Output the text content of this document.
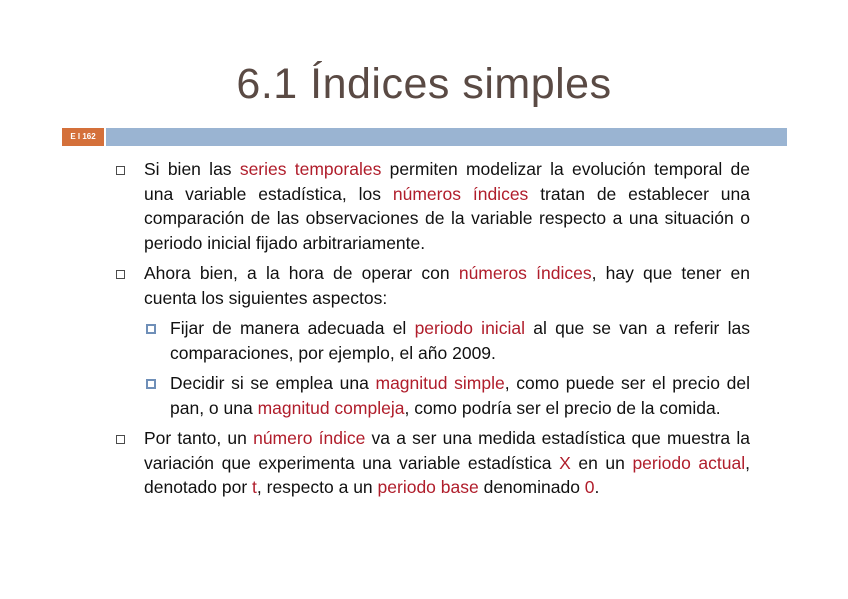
6.1 Índices simples
E I 162
Si bien las series temporales permiten modelizar la evolución temporal de una variable estadística, los números índices tratan de establecer una comparación de las observaciones de la variable respecto a una situación o periodo inicial fijado arbitrariamente.
Ahora bien, a la hora de operar con números índices, hay que tener en cuenta los siguientes aspectos:
Fijar de manera adecuada el periodo inicial al que se van a referir las comparaciones, por ejemplo, el año 2009.
Decidir si se emplea una magnitud simple, como puede ser el precio del pan, o una magnitud compleja, como podría ser el precio de la comida.
Por tanto, un número índice va a ser una medida estadística que muestra la variación que experimenta una variable estadística X en un periodo actual, denotado por t, respecto a un periodo base denominado 0.
